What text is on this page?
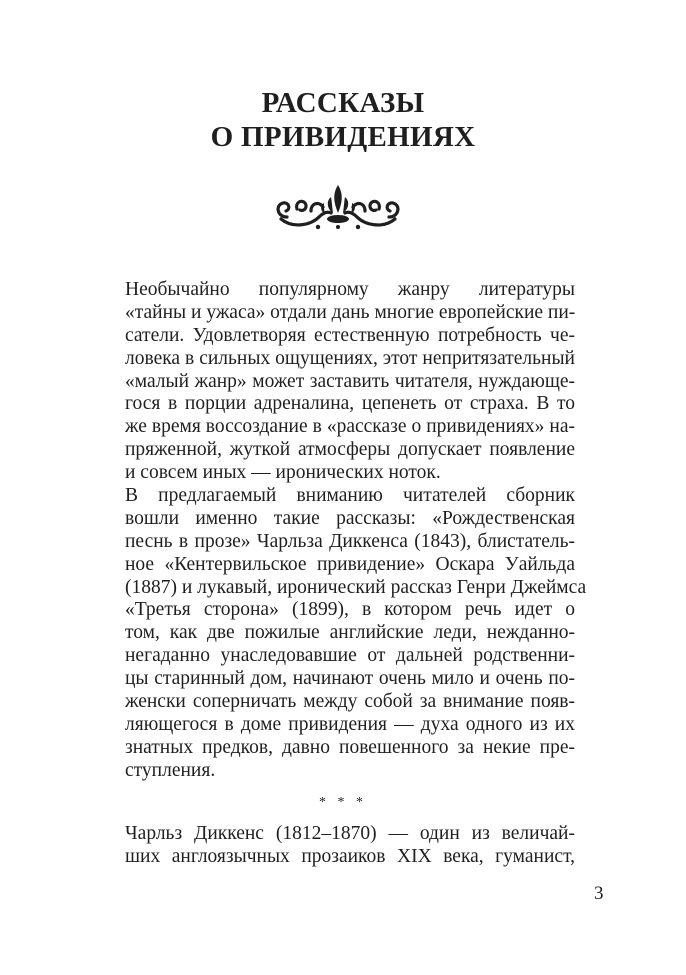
РАССКАЗЫ
О ПРИВИДЕНИЯХ
Необычайно популярному жанру литературы
«тайны и ужаса» отдали дань многие европейские пи-
сатели. Удовлетворяя естественную потребность че-
ловека в сильных ощущениях, этот непритязательный
«малый жанр» может заставить читателя, нуждающе-
гося в порции адреналина, цепенеть от страха. В то
же время воссоздание в «рассказе о привидениях» на-
пряженной, жуткой атмосферы допускает появление
и совсем иных — иронических ноток.
В предлагаемый вниманию читателей сборник
вошли именно такие рассказы: «Рождественская
песнь в прозе» Чарльза Диккенса (1843), блистатель-
ное «Кентервильское привидение» Оскара Уайльда
(1887) и лукавый, иронический рассказ Генри Джеймса
«Третья сторона» (1899), в котором речь идет о
том, как две пожилые английские леди, нежданно-
негаданно унаследовавшие от дальней родственни-
цы старинный дом, начинают очень мило и очень по-
женски соперничать между собой за внимание появ-
ляющегося в доме привидения — духа одного из их
знатных предков, давно повешенного за некие пре-
ступления.
* * *
Чарльз Диккенс (1812–1870) — один из величай-
ших англоязычных прозаиков XIX века, гуманист,
3
